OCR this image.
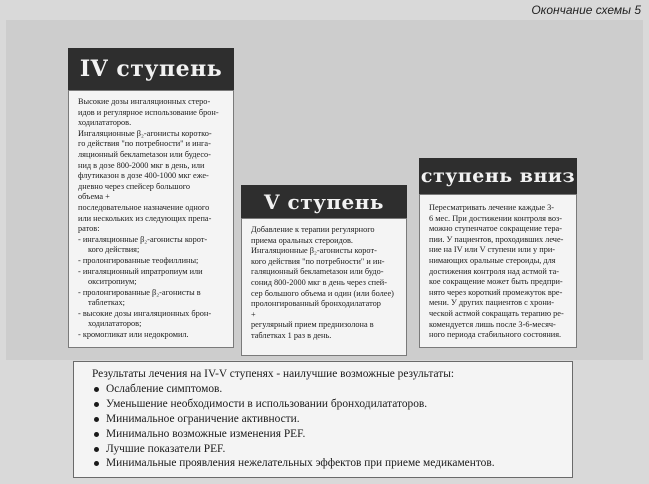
Окончание схемы 5
IV ступень

Высокие дозы ингаляционных стеро-

идов и регулярное использование брон-

ходилататоров.

Ингаляционные β₂-агонисты коротко-

го действия "по потребности" и инга-

ляционный беклametaзон или будесо-

нид в дозе 800-2000 мкг в день, или

флутиказон в дозе 400-1000 мкг еже-

дневно через спейсер большого

объема +

последовательное назначение одного

или нескольких из следующих препа-

ратов:

- ингаляционные β₂-агонисты корот-

кого действия;

- пролонгированные теофиллины;

- ингаляционный ипратропиум или

окситропиум;

- пролонгированные β₂-агонисты в

таблетках;

- высокие дозы ингаляционных брон-

ходилататоров;

- кромогликат или недокромил.

V ступень

Добавление к терапии регулярного

приема оральных стероидов.

Ингаляционные β₂-агонисты корот-

кого действия "по потребности" и ин-

галяционный беклametaзон или будо-

сонид 800-2000 мкг в день через спей-

сер большого объема и один (или более)

пролонгированный бронходилататор

+

регулярный прием преднизолона в

таблетках 1 раз в день.

ступень вниз

Пересматривать лечение каждые 3-

6 мес. При достижении контроля воз-

можно ступенчатое сокращение тера-

пии. У пациентов, проходивших лече-

ние на IV или V ступени или у при-

нимающих оральные стероиды, для

достижения контроля над астмой та-

кое сокращение может быть предпри-

нято через короткий промежуток вре-

мени. У других пациентов с хрони-

ческой астмой сокращать терапию ре-

комендуется лишь после 3-6-месяч-

ного периода стабильного состояния.

Результаты лечения на IV-V ступенях - наилучшие возможные результаты:

Ослабление симптомов.
Уменьшение необходимости в использовании бронходилататоров.
Минимальное ограничение активности.
Минимально возможные изменения PEF.
Лучшие показатели PEF.
Минимальные проявления нежелательных эффектов при приеме медикаментов.
